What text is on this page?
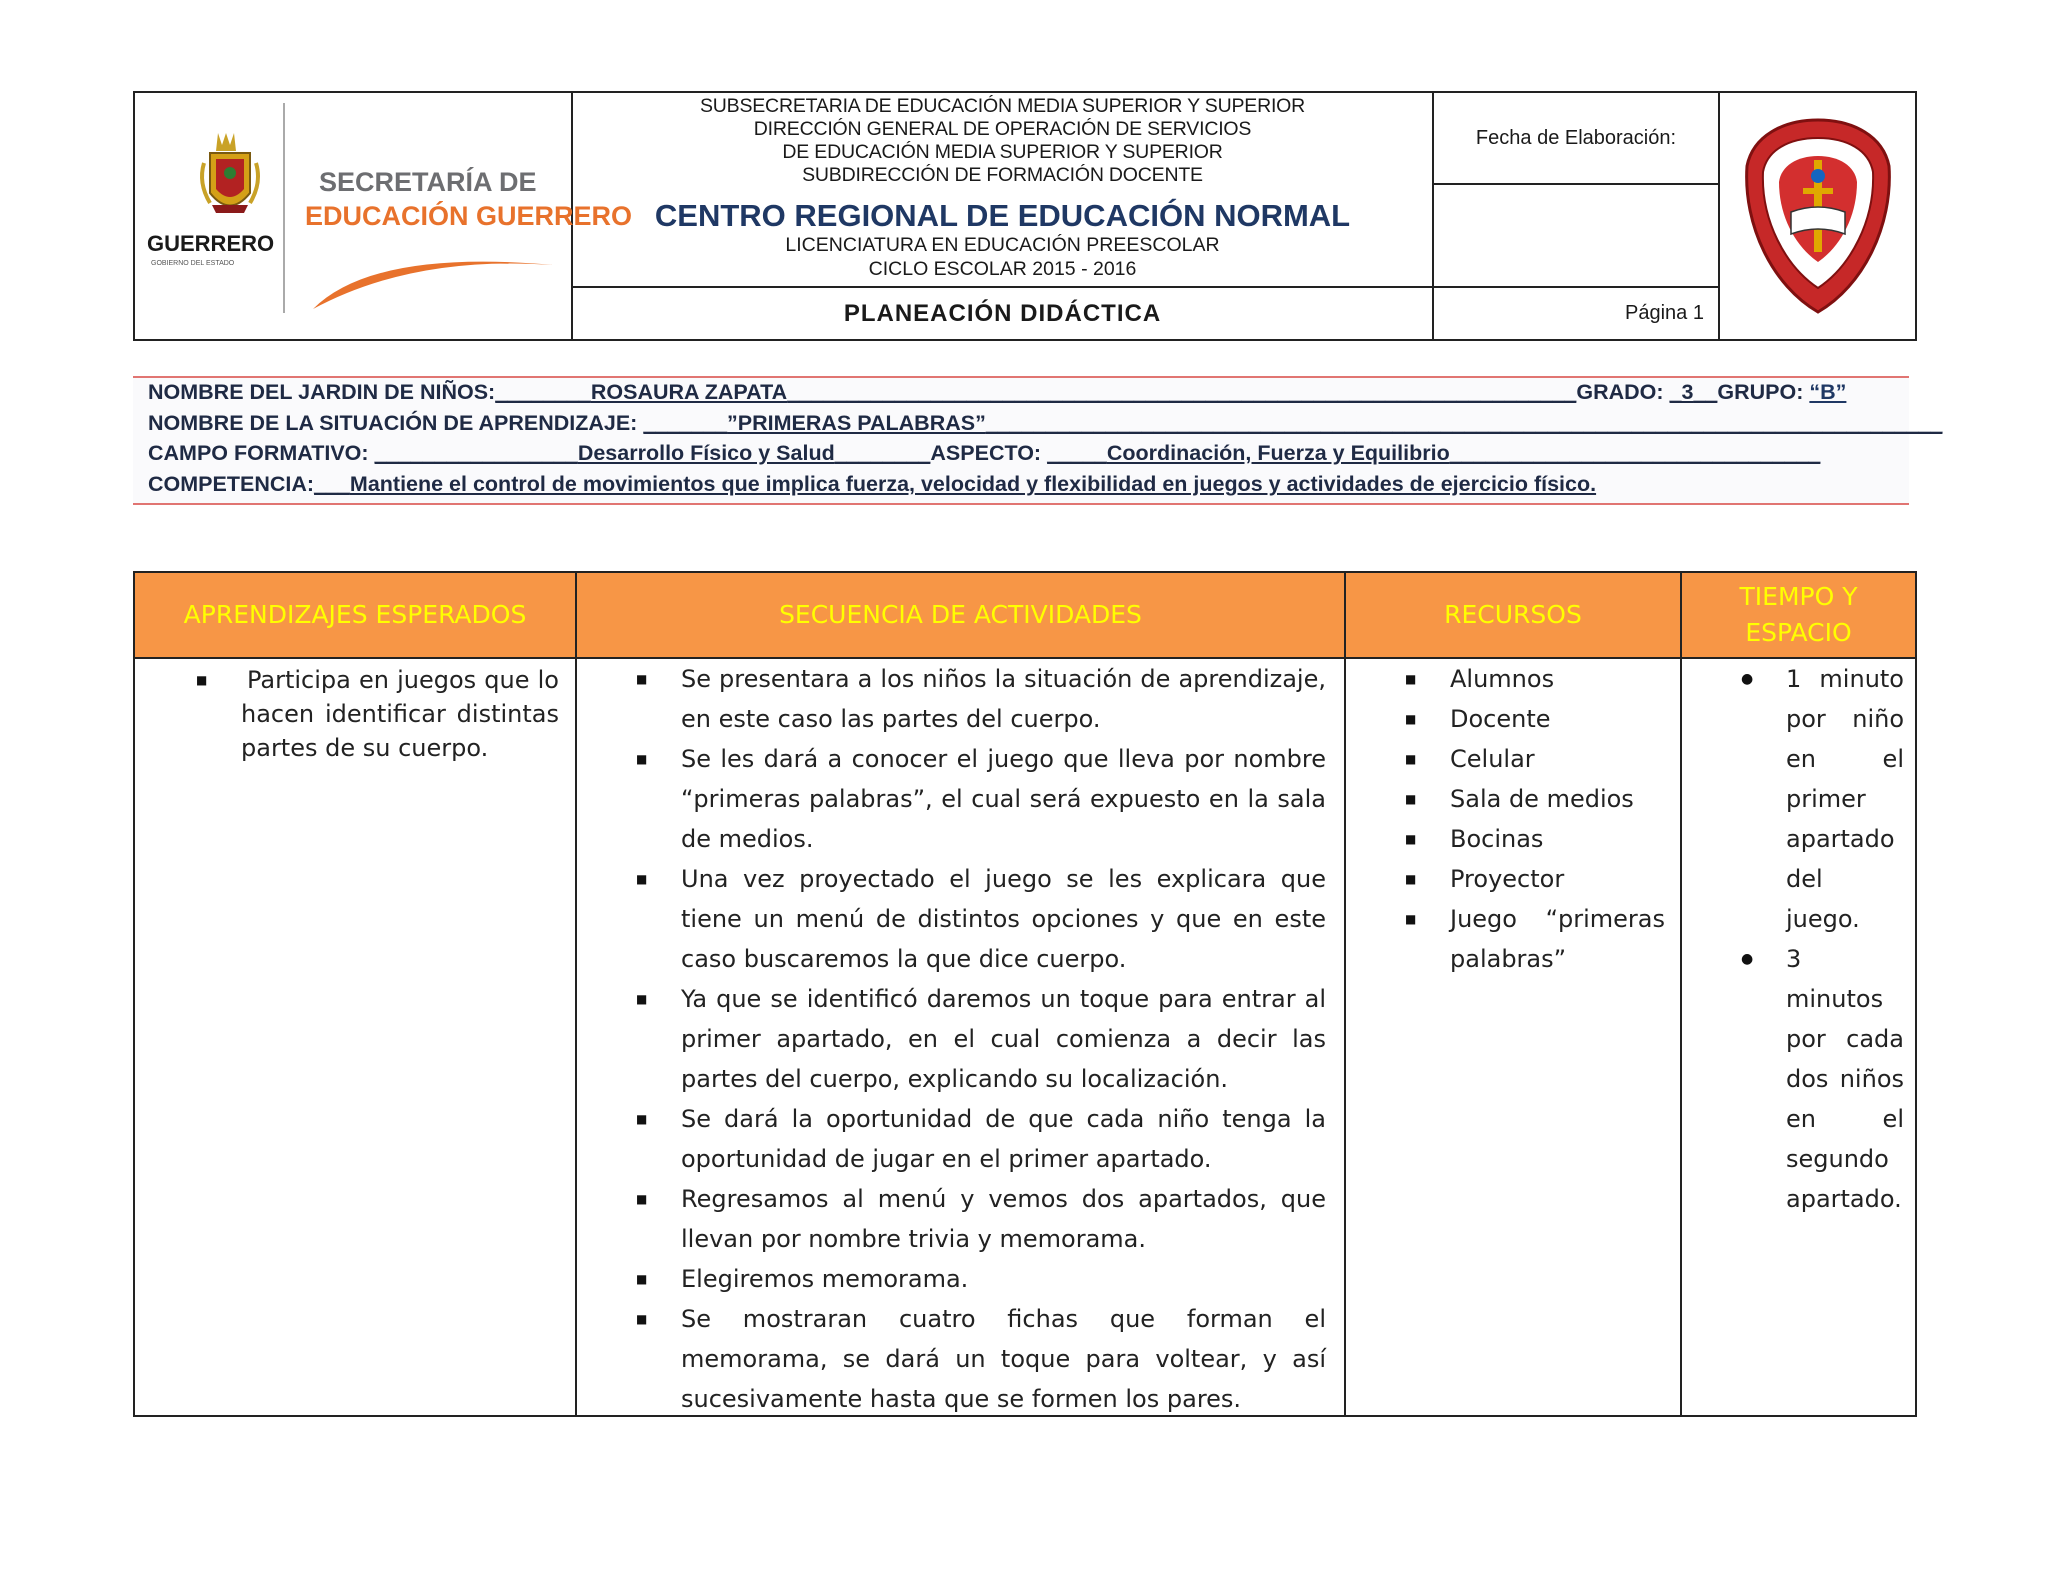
GUERRERO
GOBIERNO DEL ESTADO
SECRETARÍA DE
EDUCACIÓN GUERRERO
SUBSECRETARIA DE EDUCACIÓN MEDIA SUPERIOR Y SUPERIOR
DIRECCIÓN GENERAL DE OPERACIÓN DE SERVICIOS
DE EDUCACIÓN MEDIA SUPERIOR Y SUPERIOR
SUBDIRECCIÓN DE FORMACIÓN DOCENTE
CENTRO REGIONAL DE EDUCACIÓN NORMAL
LICENCIATURA EN EDUCACIÓN PREESCOLAR
CICLO ESCOLAR 2015 - 2016
PLANEACIÓN DIDÁCTICA
Fecha de Elaboración:
Página 1
NOMBRE DEL JARDIN DE NIÑOS:________ROSAURA ZAPATA__________________________________________________________________GRADO: _3__GRUPO: “B”
NOMBRE DE LA SITUACIÓN DE APRENDIZAJE: _______”PRIMERAS PALABRAS”________________________________________________________________________________
CAMPO FORMATIVO: _________________Desarrollo Físico y Salud________ASPECTO: _____Coordinación, Fuerza y Equilibrio_______________________________
COMPETENCIA:___Mantiene el control de movimientos que implica fuerza, velocidad y flexibilidad en juegos y actividades de ejercicio físico.
APRENDIZAJES ESPERADOS	SECUENCIA DE ACTIVIDADES	RECURSOS
TIEMPO Y ESPACIO
■ Participa en juegos que lo hacen identificar distintas partes de su cuerpo.
■ Se presentara a los niños la situación de aprendizaje, en este caso las partes del cuerpo.
■ Se les dará a conocer el juego que lleva por nombre “primeras palabras”, el cual será expuesto en la sala de medios.
■ Una vez proyectado el juego se les explicara que tiene un menú de distintos opciones y que en este caso buscaremos la que dice cuerpo.
■ Ya que se identificó daremos un toque para entrar al primer apartado, en el cual comienza a decir las partes del cuerpo, explicando su localización.
■ Se dará la oportunidad de que cada niño tenga la oportunidad de jugar en el primer apartado.
■ Regresamos al menú y vemos dos apartados, que llevan por nombre trivia y memorama.
■ Elegiremos memorama.
■ Se mostraran cuatro fichas que forman el memorama, se dará un toque para voltear, y así sucesivamente hasta que se formen los pares.
■ Alumnos
■ Docente
■ Celular
■ Sala de medios
■ Bocinas
■ Proyector
■ Juego “primeras palabras”
● 1 minuto por niño en el primer apartado del juego.
● 3 minutos por cada dos niños en el segundo apartado.
